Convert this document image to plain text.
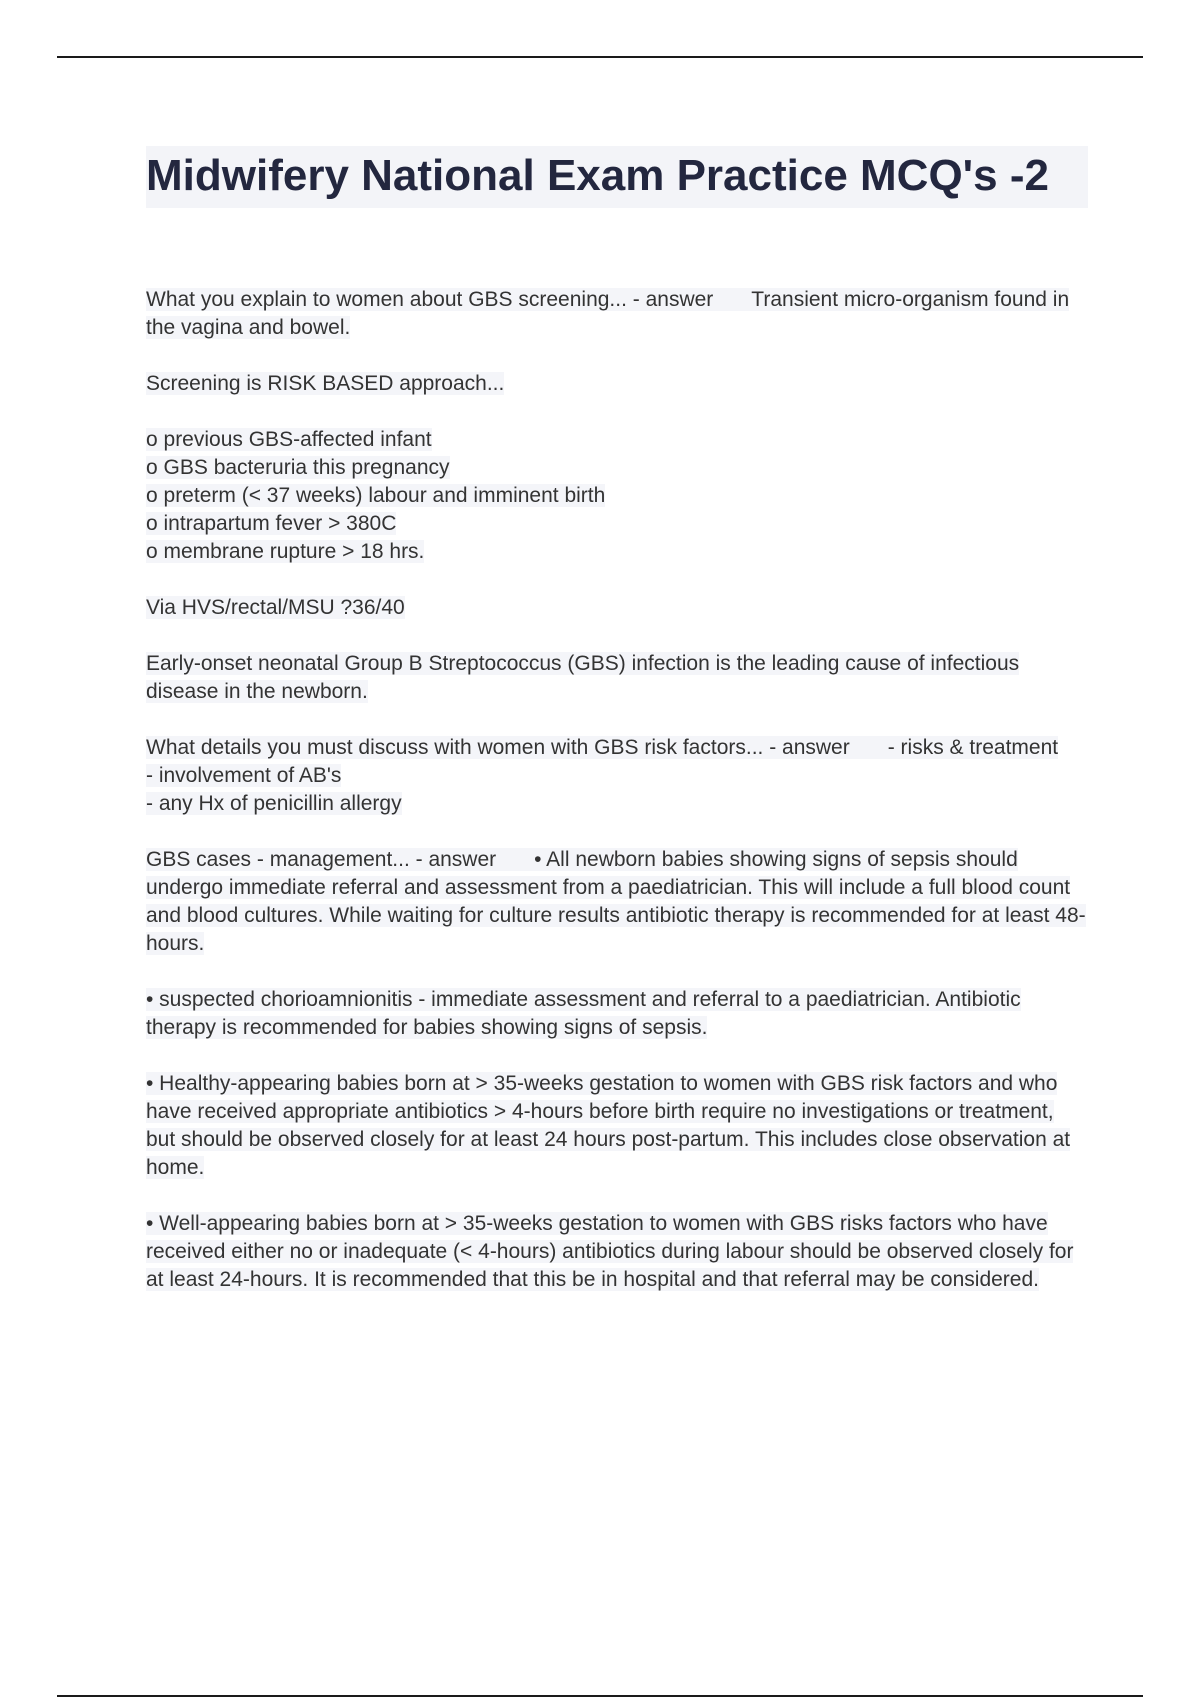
Midwifery National Exam Practice MCQ's -2

What you explain to women about GBS screening... - answer Transient micro-organism found in the vagina and bowel.

Screening is RISK BASED approach...

o previous GBS-affected infant
o GBS bacteruria this pregnancy
o preterm (< 37 weeks) labour and imminent birth
o intrapartum fever > 380C
o membrane rupture > 18 hrs.

Via HVS/rectal/MSU ?36/40

Early-onset neonatal Group B Streptococcus (GBS) infection is the leading cause of infectious disease in the newborn.

What details you must discuss with women with GBS risk factors... - answer - risks & treatment
- involvement of AB's
- any Hx of penicillin allergy

GBS cases - management... - answer • All newborn babies showing signs of sepsis should undergo immediate referral and assessment from a paediatrician. This will include a full blood count and blood cultures. While waiting for culture results antibiotic therapy is recommended for at least 48-hours.

• suspected chorioamnionitis - immediate assessment and referral to a paediatrician. Antibiotic therapy is recommended for babies showing signs of sepsis.

• Healthy-appearing babies born at > 35-weeks gestation to women with GBS risk factors and who have received appropriate antibiotics > 4-hours before birth require no investigations or treatment, but should be observed closely for at least 24 hours post-partum. This includes close observation at home.

• Well-appearing babies born at > 35-weeks gestation to women with GBS risks factors who have received either no or inadequate (< 4-hours) antibiotics during labour should be observed closely for at least 24-hours. It is recommended that this be in hospital and that referral may be considered.
